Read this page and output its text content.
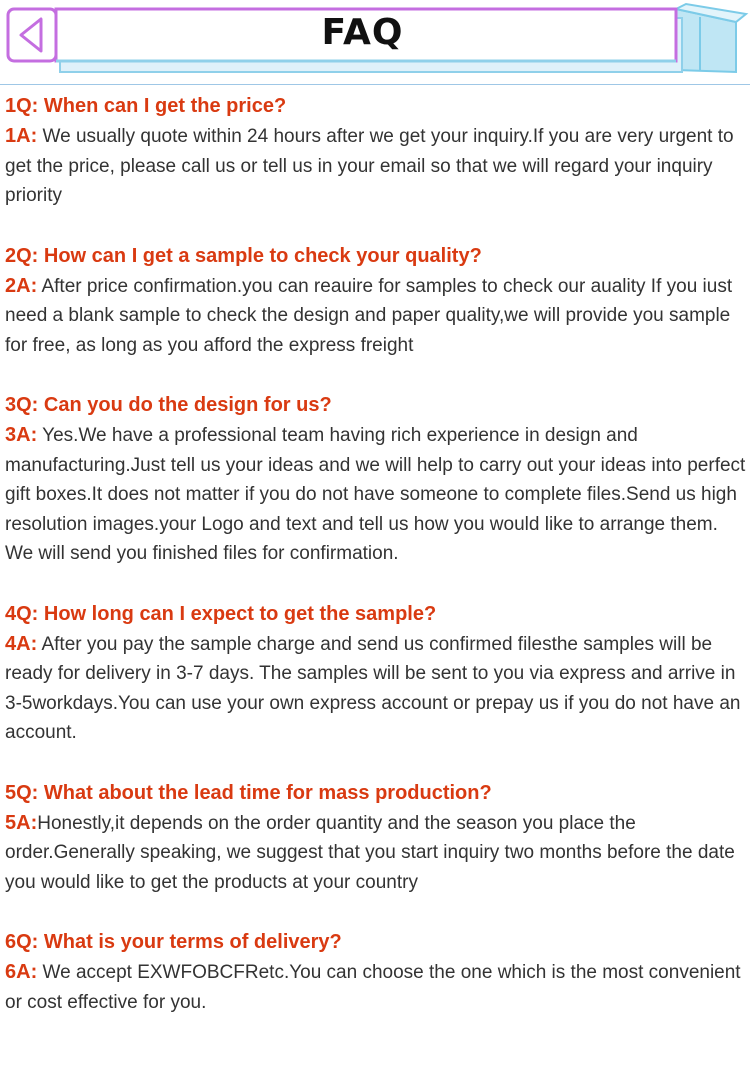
FAQ
1Q: When can I get the price?
1A: We usually quote within 24 hours after we get your inquiry.If you are very urgent to get the price, please call us or tell us in your email so that we will regard your inquiry priority
2Q: How can I get a sample to check your quality?
2A: After price confirmation.you can reauire for samples to check our auality If you iust need a blank sample to check the design and paper quality,we will provide you sample for free, as long as you afford the express freight
3Q: Can you do the design for us?
3A: Yes.We have a professional team having rich experience in design and manufacturing.Just tell us your ideas and we will help to carry out your ideas into perfect gift boxes.It does not matter if you do not have someone to complete files.Send us high resolution images.your Logo and text and tell us how you would like to arrange them. We will send you finished files for confirmation.
4Q: How long can I expect to get the sample?
4A: After you pay the sample charge and send us confirmed filesthe samples will be ready for delivery in 3-7 days. The samples will be sent to you via express and arrive in 3-5workdays.You can use your own express account or prepay us if you do not have an account.
5Q: What about the lead time for mass production?
5A:Honestly,it depends on the order quantity and the season you place the order.Generally speaking, we suggest that you start inquiry two months before the date you would like to get the products at your country
6Q: What is your terms of delivery?
6A: We accept EXWFOBCFRetc.You can choose the one which is the most convenient or cost effective for you.
